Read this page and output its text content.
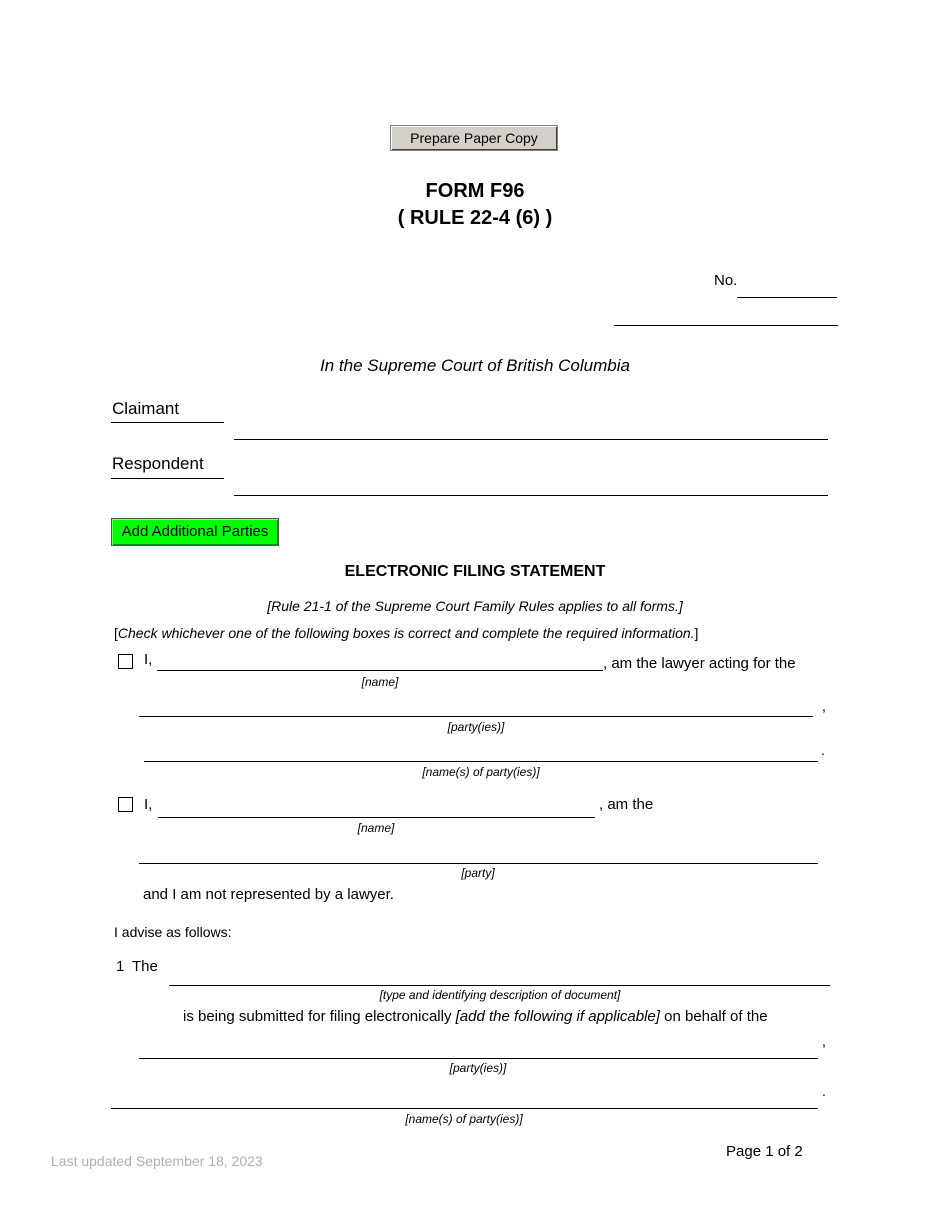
Prepare Paper Copy
FORM F96
( RULE 22-4 (6) )
No.
In the Supreme Court of British Columbia
Claimant
Respondent
Add Additional Parties
ELECTRONIC FILING STATEMENT
[Rule 21-1 of the Supreme Court Family Rules applies to all forms.]
[Check whichever one of the following boxes is correct and complete the required information.]
I,	, am the lawyer acting for the
[name]
,
[party(ies)]
.
[name(s) of party(ies)]
I,	, am the
[name]
[party]
and I am not represented by a lawyer.
I advise as follows:
1 The
[type and identifying description of document]
is being submitted for filing electronically [add the following if applicable] on behalf of the
,
[party(ies)]
.
[name(s) of party(ies)]
Last updated September 18, 2023
Page 1 of 2
